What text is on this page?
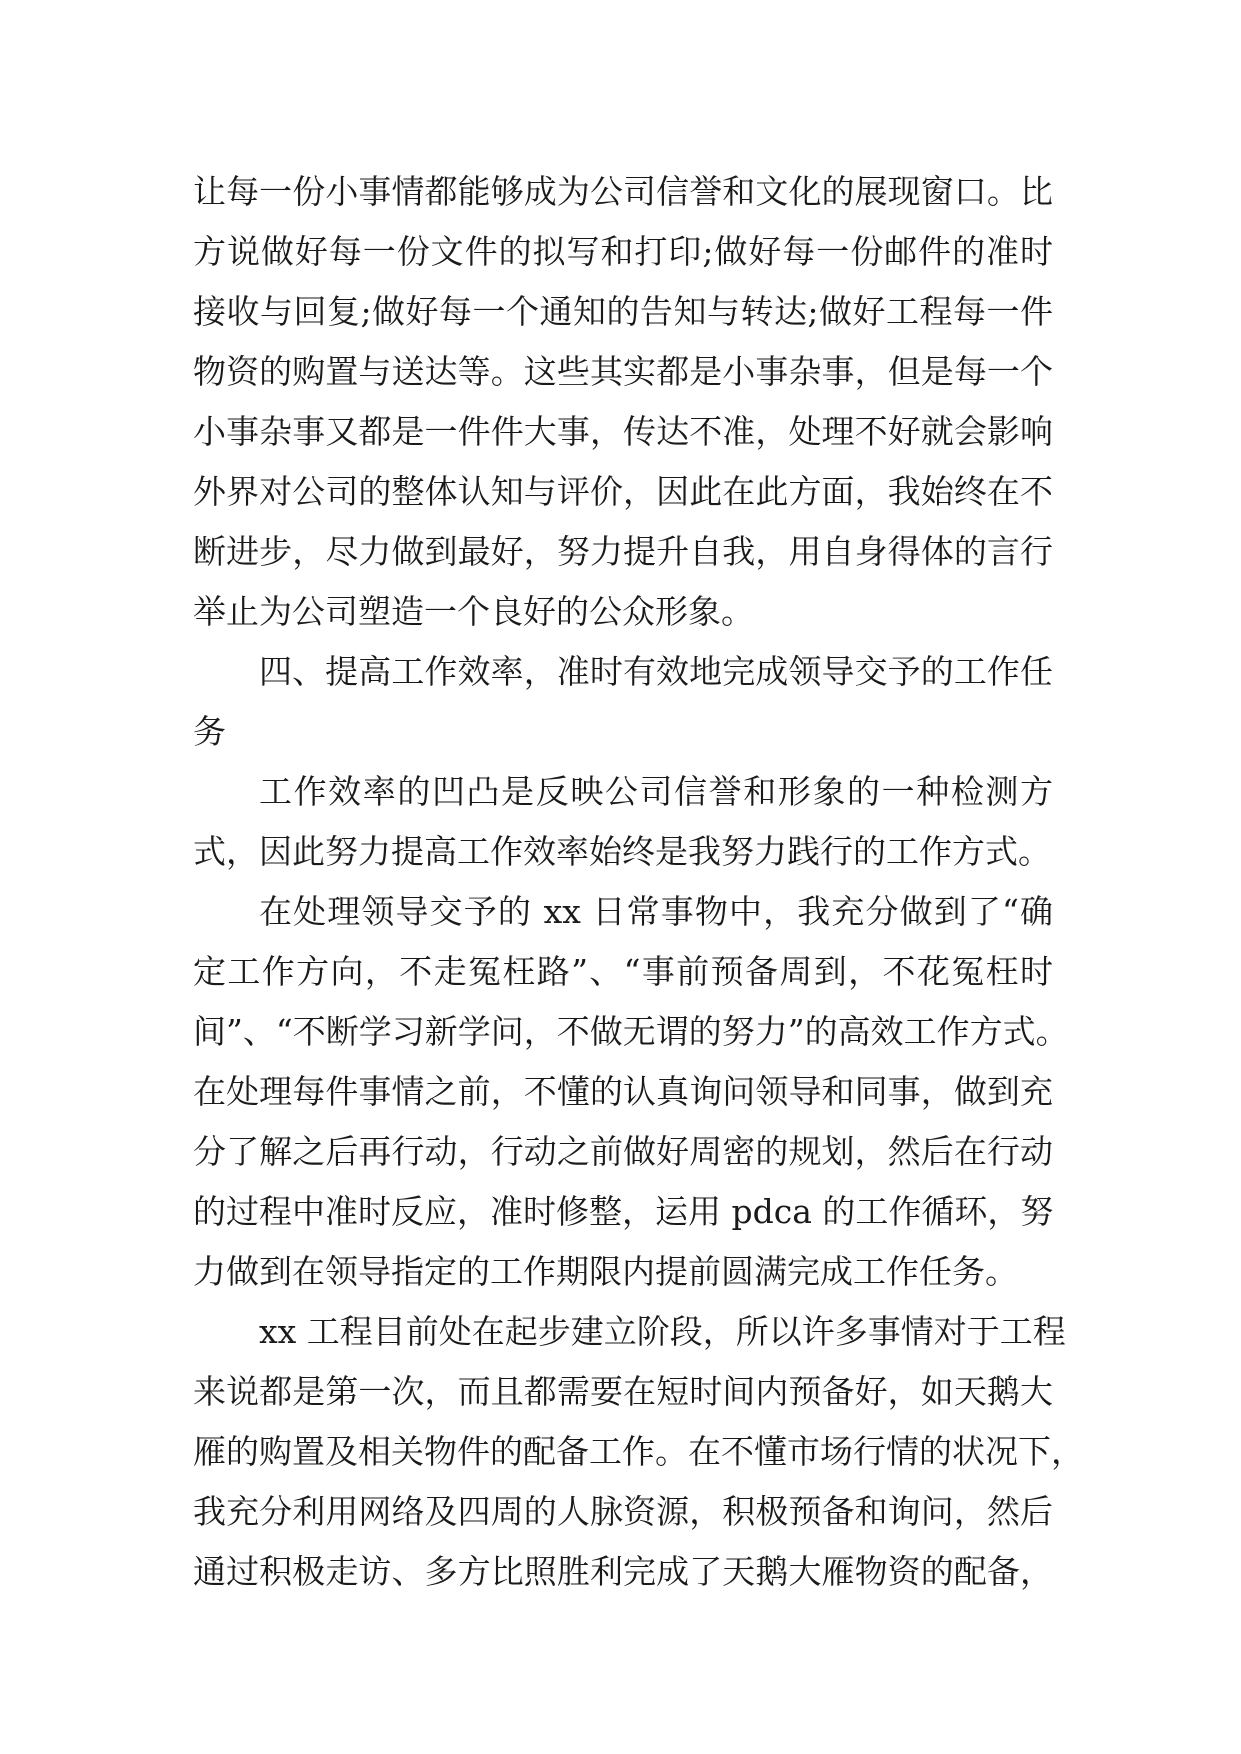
让每一份小事情都能够成为公司信誉和文化的展现窗口。比
方说做好每一份文件的拟写和打印;做好每一份邮件的准时
接收与回复;做好每一个通知的告知与转达;做好工程每一件
物资的购置与送达等。这些其实都是小事杂事，但是每一个
小事杂事又都是一件件大事，传达不准，处理不好就会影响
外界对公司的整体认知与评价，因此在此方面，我始终在不
断进步，尽力做到最好，努力提升自我，用自身得体的言行
举止为公司塑造一个良好的公众形象。
四、提高工作效率，准时有效地完成领导交予的工作任
务
工作效率的凹凸是反映公司信誉和形象的一种检测方
式，因此努力提高工作效率始终是我努力践行的工作方式。
在处理领导交予的 xx 日常事物中，我充分做到了“确
定工作方向，不走冤枉路”、“事前预备周到，不花冤枉时
间”、“不断学习新学问，不做无谓的努力”的高效工作方式。
在处理每件事情之前，不懂的认真询问领导和同事，做到充
分了解之后再行动，行动之前做好周密的规划，然后在行动
的过程中准时反应，准时修整，运用 pdca 的工作循环，努
力做到在领导指定的工作期限内提前圆满完成工作任务。
xx 工程目前处在起步建立阶段，所以许多事情对于工程
来说都是第一次，而且都需要在短时间内预备好，如天鹅大
雁的购置及相关物件的配备工作。在不懂市场行情的状况下，
我充分利用网络及四周的人脉资源，积极预备和询问，然后
通过积极走访、多方比照胜利完成了天鹅大雁物资的配备，
